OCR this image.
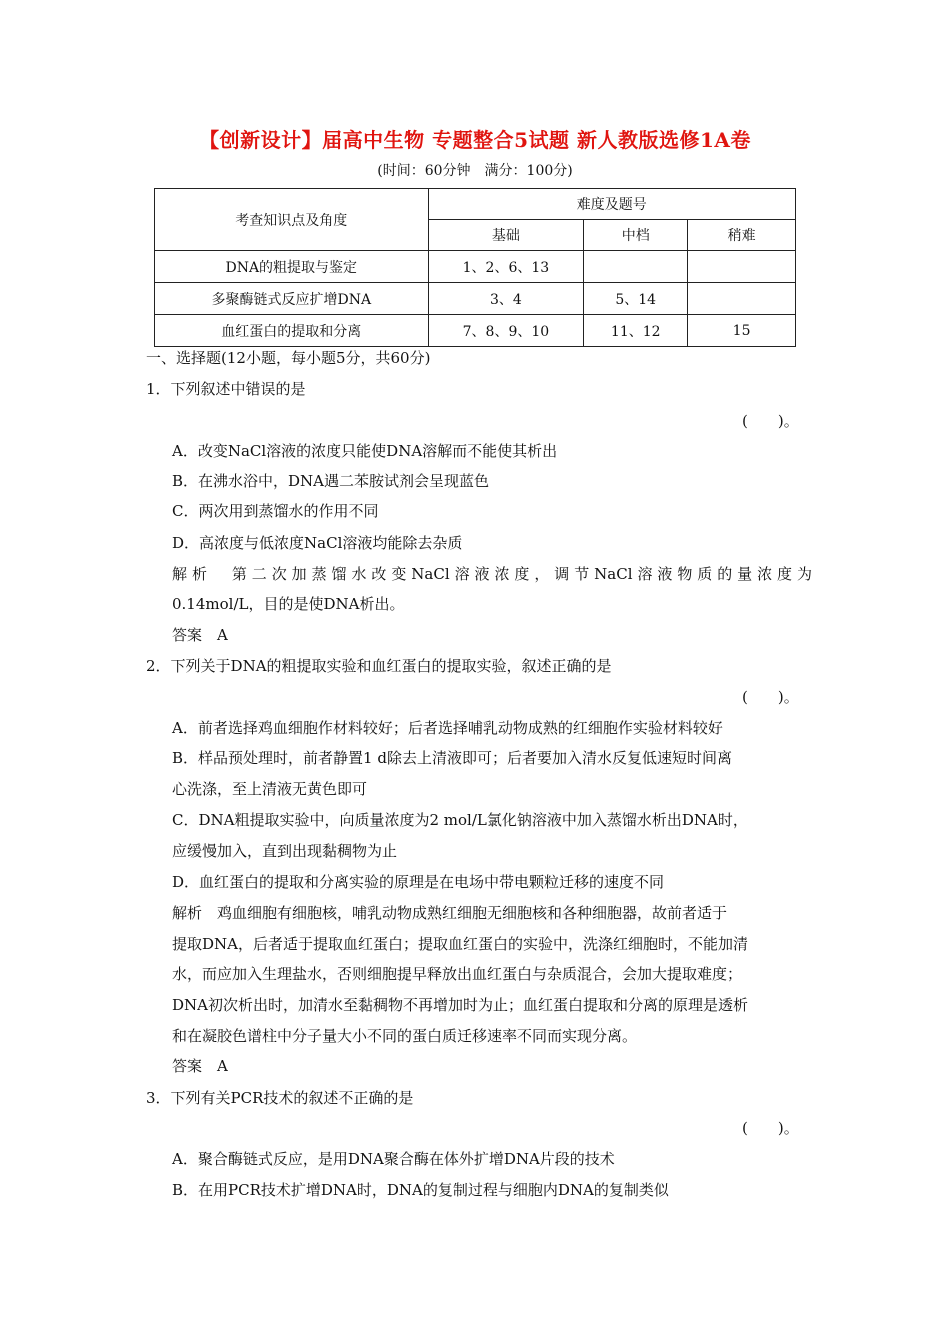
【创新设计】届高中生物 专题整合5试题 新人教版选修1A卷
(时间：60分钟　满分：100分)
考查知识点及角度	难度及题号		
	基础	中档	稍难
DNA的粗提取与鉴定	1、2、6、13		
多聚酶链式反应扩增DNA	3、4	5、14	
血红蛋白的提取和分离	7、8、9、10	11、12	15
一、选择题(12小题，每小题5分，共60分)
1．下列叙述中错误的是
(　　)。
A．改变NaCl溶液的浓度只能使DNA溶解而不能使其析出
B．在沸水浴中，DNA遇二苯胺试剂会呈现蓝色
C．两次用到蒸馏水的作用不同
D．高浓度与低浓度NaCl溶液均能除去杂质
解析　第二次加蒸馏水改变NaCl溶液浓度，调节NaCl溶液物质的量浓度为
0.14mol/L，目的是使DNA析出。
答案　A
2．下列关于DNA的粗提取实验和血红蛋白的提取实验，叙述正确的是
(　　)。
A．前者选择鸡血细胞作材料较好；后者选择哺乳动物成熟的红细胞作实验材料较好
B．样品预处理时，前者静置1 d除去上清液即可；后者要加入清水反复低速短时间离
心洗涤，至上清液无黄色即可
C．DNA粗提取实验中，向质量浓度为2 mol/L氯化钠溶液中加入蒸馏水析出DNA时，
应缓慢加入，直到出现黏稠物为止
D．血红蛋白的提取和分离实验的原理是在电场中带电颗粒迁移的速度不同
解析　鸡血细胞有细胞核，哺乳动物成熟红细胞无细胞核和各种细胞器，故前者适于
提取DNA，后者适于提取血红蛋白；提取血红蛋白的实验中，洗涤红细胞时，不能加清
水，而应加入生理盐水，否则细胞提早释放出血红蛋白与杂质混合，会加大提取难度；
DNA初次析出时，加清水至黏稠物不再增加时为止；血红蛋白提取和分离的原理是透析
和在凝胶色谱柱中分子量大小不同的蛋白质迁移速率不同而实现分离。
答案　A
3．下列有关PCR技术的叙述不正确的是
(　　)。
A．聚合酶链式反应，是用DNA聚合酶在体外扩增DNA片段的技术
B．在用PCR技术扩增DNA时，DNA的复制过程与细胞内DNA的复制类似
